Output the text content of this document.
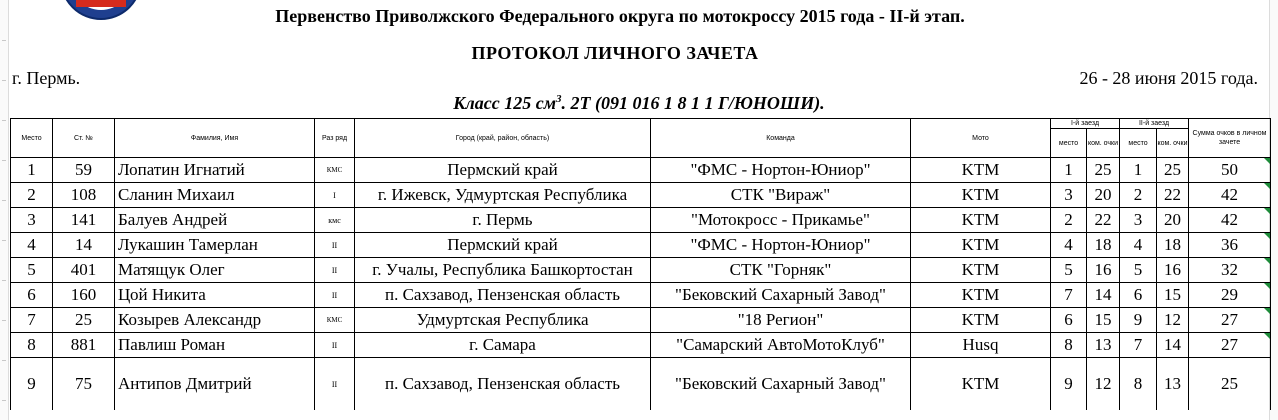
Первенство Приволжского Федерального округа по мотокроссу 2015 года - II-й этап.
ПРОТОКОЛ ЛИЧНОГО ЗАЧЕТА
г. Пермь.	26 - 28 июня 2015 года.
Класс 125 $см^3$. 2Т (091 016 1 8 1 1 Г/ЮНОШИ).
Место	Ст. №	Фамилия, Имя	Раз ряд	Город (край, район, область)	Команда	Мото	I-й заезд		II-й заезд		Сумма очков в личном зачете
							место	ком. очки	место	ком. очки	
1	59	Лопатин Игнатий	КМС	Пермский край	"ФМС - Нортон-Юниор"	KTM	1	25	1	25	50
2	108	Сланин Михаил	I	г. Ижевск, Удмуртская Республика	СТК "Вираж"	KTM	3	20	2	22	42
3	141	Балуев Андрей	кмс	г. Пермь	"Мотокросс - Прикамье"	KTM	2	22	3	20	42
4	14	Лукашин Тамерлан	II	Пермский край	"ФМС - Нортон-Юниор"	KTM	4	18	4	18	36
5	401	Матящук Олег	II	г. Учалы, Республика Башкортостан	СТК "Горняк"	KTM	5	16	5	16	32
6	160	Цой Никита	II	п. Сахзавод, Пензенская область	"Бековский Сахарный Завод"	KTM	7	14	6	15	29
7	25	Козырев Александр	КМС	Удмуртская Республика	"18 Регион"	KTM	6	15	9	12	27
8	881	Павлиш Роман	II	г. Самара	"Самарский АвтоМотоКлуб"	Husq	8	13	7	14	27
9	75	Антипов Дмитрий	II	п. Сахзавод, Пензенская область	"Бековский Сахарный Завод"	KTM	9	12	8	13	25
